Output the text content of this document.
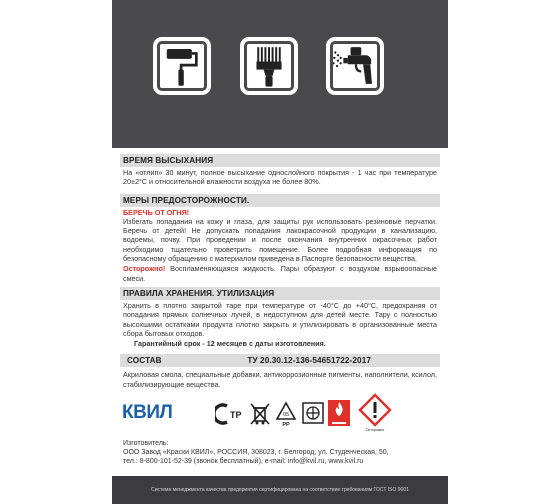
ВРЕМЯ ВЫСЫХАНИЯ
На «отлип» 30 минут, полное высыхание однослойного покрытия - 1 час при температуре 20±2°С и относительной влажности воздуха не более 80%.
МЕРЫ ПРЕДОСТОРОЖНОСТИ.
БЕРЕЧЬ ОТ ОГНЯ!
Избегать попадания на кожу и глаза, для защиты рук использовать резиновые перчатки. Беречь от детей! Не допускать попадания лакокрасочной продукции в канализацию, водоемы, почву. При проведении и после окончания внутренних окрасочных работ необходимо тщательно проветрить помещение. Более подробная информация по безопасному обращению с материалом приведена в Паспорте безопасности вещества.
Осторожно! Воспламеняющаяся жидкость. Пары образуют с воздухом взрывоопасные смеси.
ПРАВИЛА ХРАНЕНИЯ. УТИЛИЗАЦИЯ
Хранить в плотно закрытой таре при температуре от -40°С до +40°С, предохраняя от попадания прямых солнечных лучей, в недоступном для детей месте. Тару с полностью высохшими остатками продукта плотно закрыть и утилизировать в организованные места сбора бытовых отходов.
Гарантийный срок - 12 месяцев с даты изготовления.
СОСТАВ	ТУ 20.30.12-136-54651722-2017
Акриловая смола, специальные добавки, антикоррозионные пигменты, наполнители, ксилол, стабилизирующие вещества.
КВИЛ	ТР	05
PP
Осторожно
Изготовитель:
ООО Завод «Краски КВИЛ», РОССИЯ, 308023, г. Белгород, ул. Студенческая, 50,
тел.: 8-800-101-52-39 (звонок бесплатный), e-mail: info@kvil.ru, www.kvil.ru
Система менеджмента качества предприятия сертифицирована на соответствие требованиям ГОСТ ISO 9001
